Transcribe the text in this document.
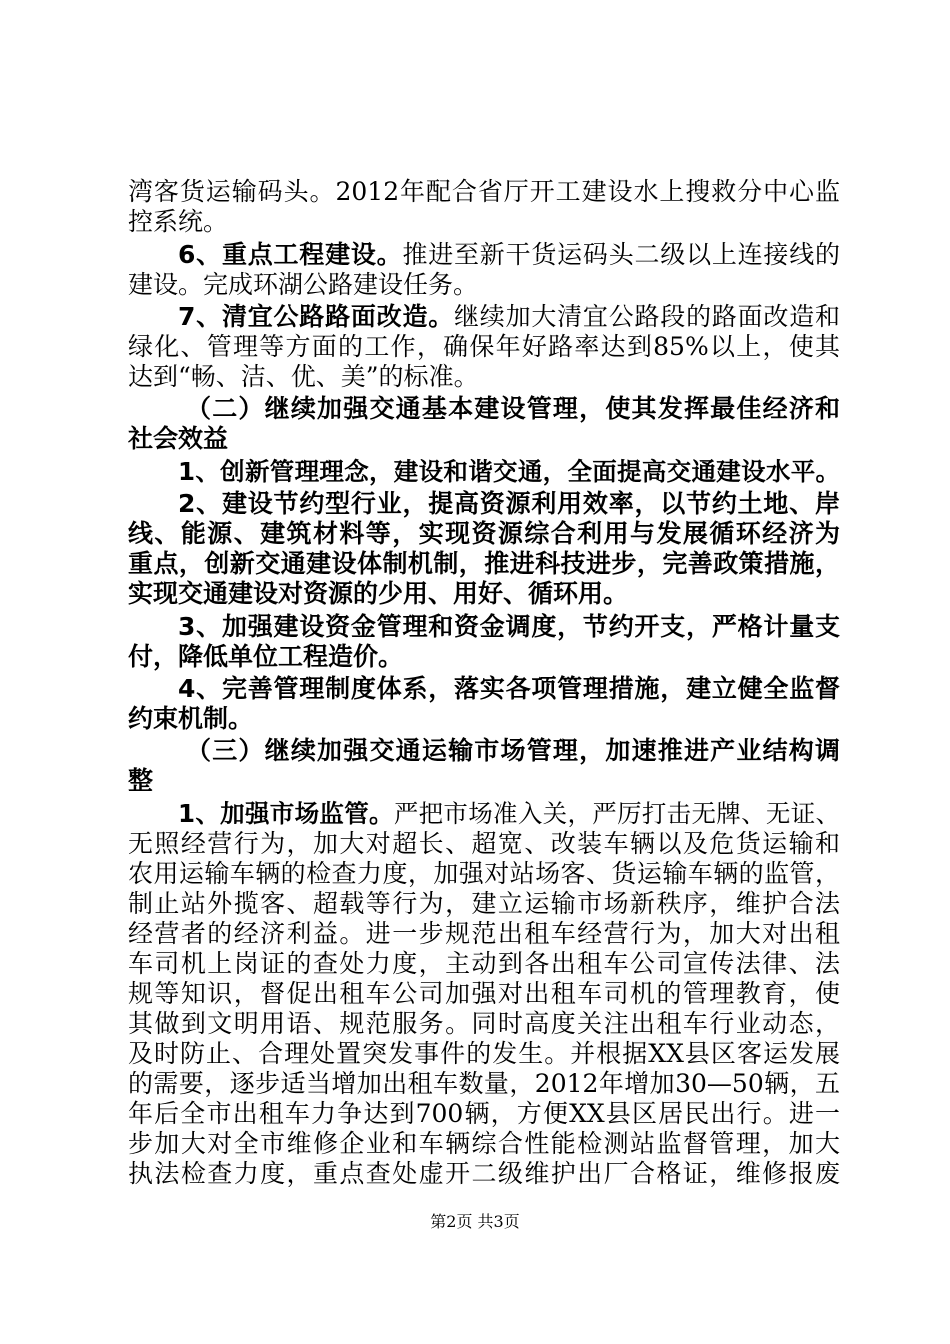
湾客货运输码头。2012年配合省厅开工建设水上搜救分中心监
控系统。
6、重点工程建设。推进至新干货运码头二级以上连接线的
建设。完成环湖公路建设任务。
7、清宜公路路面改造。继续加大清宜公路段的路面改造和
绿化、管理等方面的工作，确保年好路率达到85%以上，使其
达到“畅、洁、优、美”的标准。
（二）继续加强交通基本建设管理，使其发挥最佳经济和
社会效益
1、创新管理理念，建设和谐交通，全面提高交通建设水平。
2、建设节约型行业，提高资源利用效率，以节约土地、岸
线、能源、建筑材料等，实现资源综合利用与发展循环经济为
重点，创新交通建设体制机制，推进科技进步，完善政策措施，
实现交通建设对资源的少用、用好、循环用。
3、加强建设资金管理和资金调度，节约开支，严格计量支
付，降低单位工程造价。
4、完善管理制度体系，落实各项管理措施，建立健全监督
约束机制。
（三）继续加强交通运输市场管理，加速推进产业结构调
整
1、加强市场监管。严把市场准入关，严厉打击无牌、无证、
无照经营行为，加大对超长、超宽、改装车辆以及危货运输和
农用运输车辆的检查力度，加强对站场客、货运输车辆的监管，
制止站外揽客、超载等行为，建立运输市场新秩序，维护合法
经营者的经济利益。进一步规范出租车经营行为，加大对出租
车司机上岗证的查处力度，主动到各出租车公司宣传法律、法
规等知识，督促出租车公司加强对出租车司机的管理教育，使
其做到文明用语、规范服务。同时高度关注出租车行业动态，
及时防止、合理处置突发事件的发生。并根据XX县区客运发展
的需要，逐步适当增加出租车数量，2012年增加30—50辆，五
年后全市出租车力争达到700辆，方便XX县区居民出行。进一
步加大对全市维修企业和车辆综合性能检测站监督管理，加大
执法检查力度，重点查处虚开二级维护出厂合格证，维修报废
第2页 共3页
